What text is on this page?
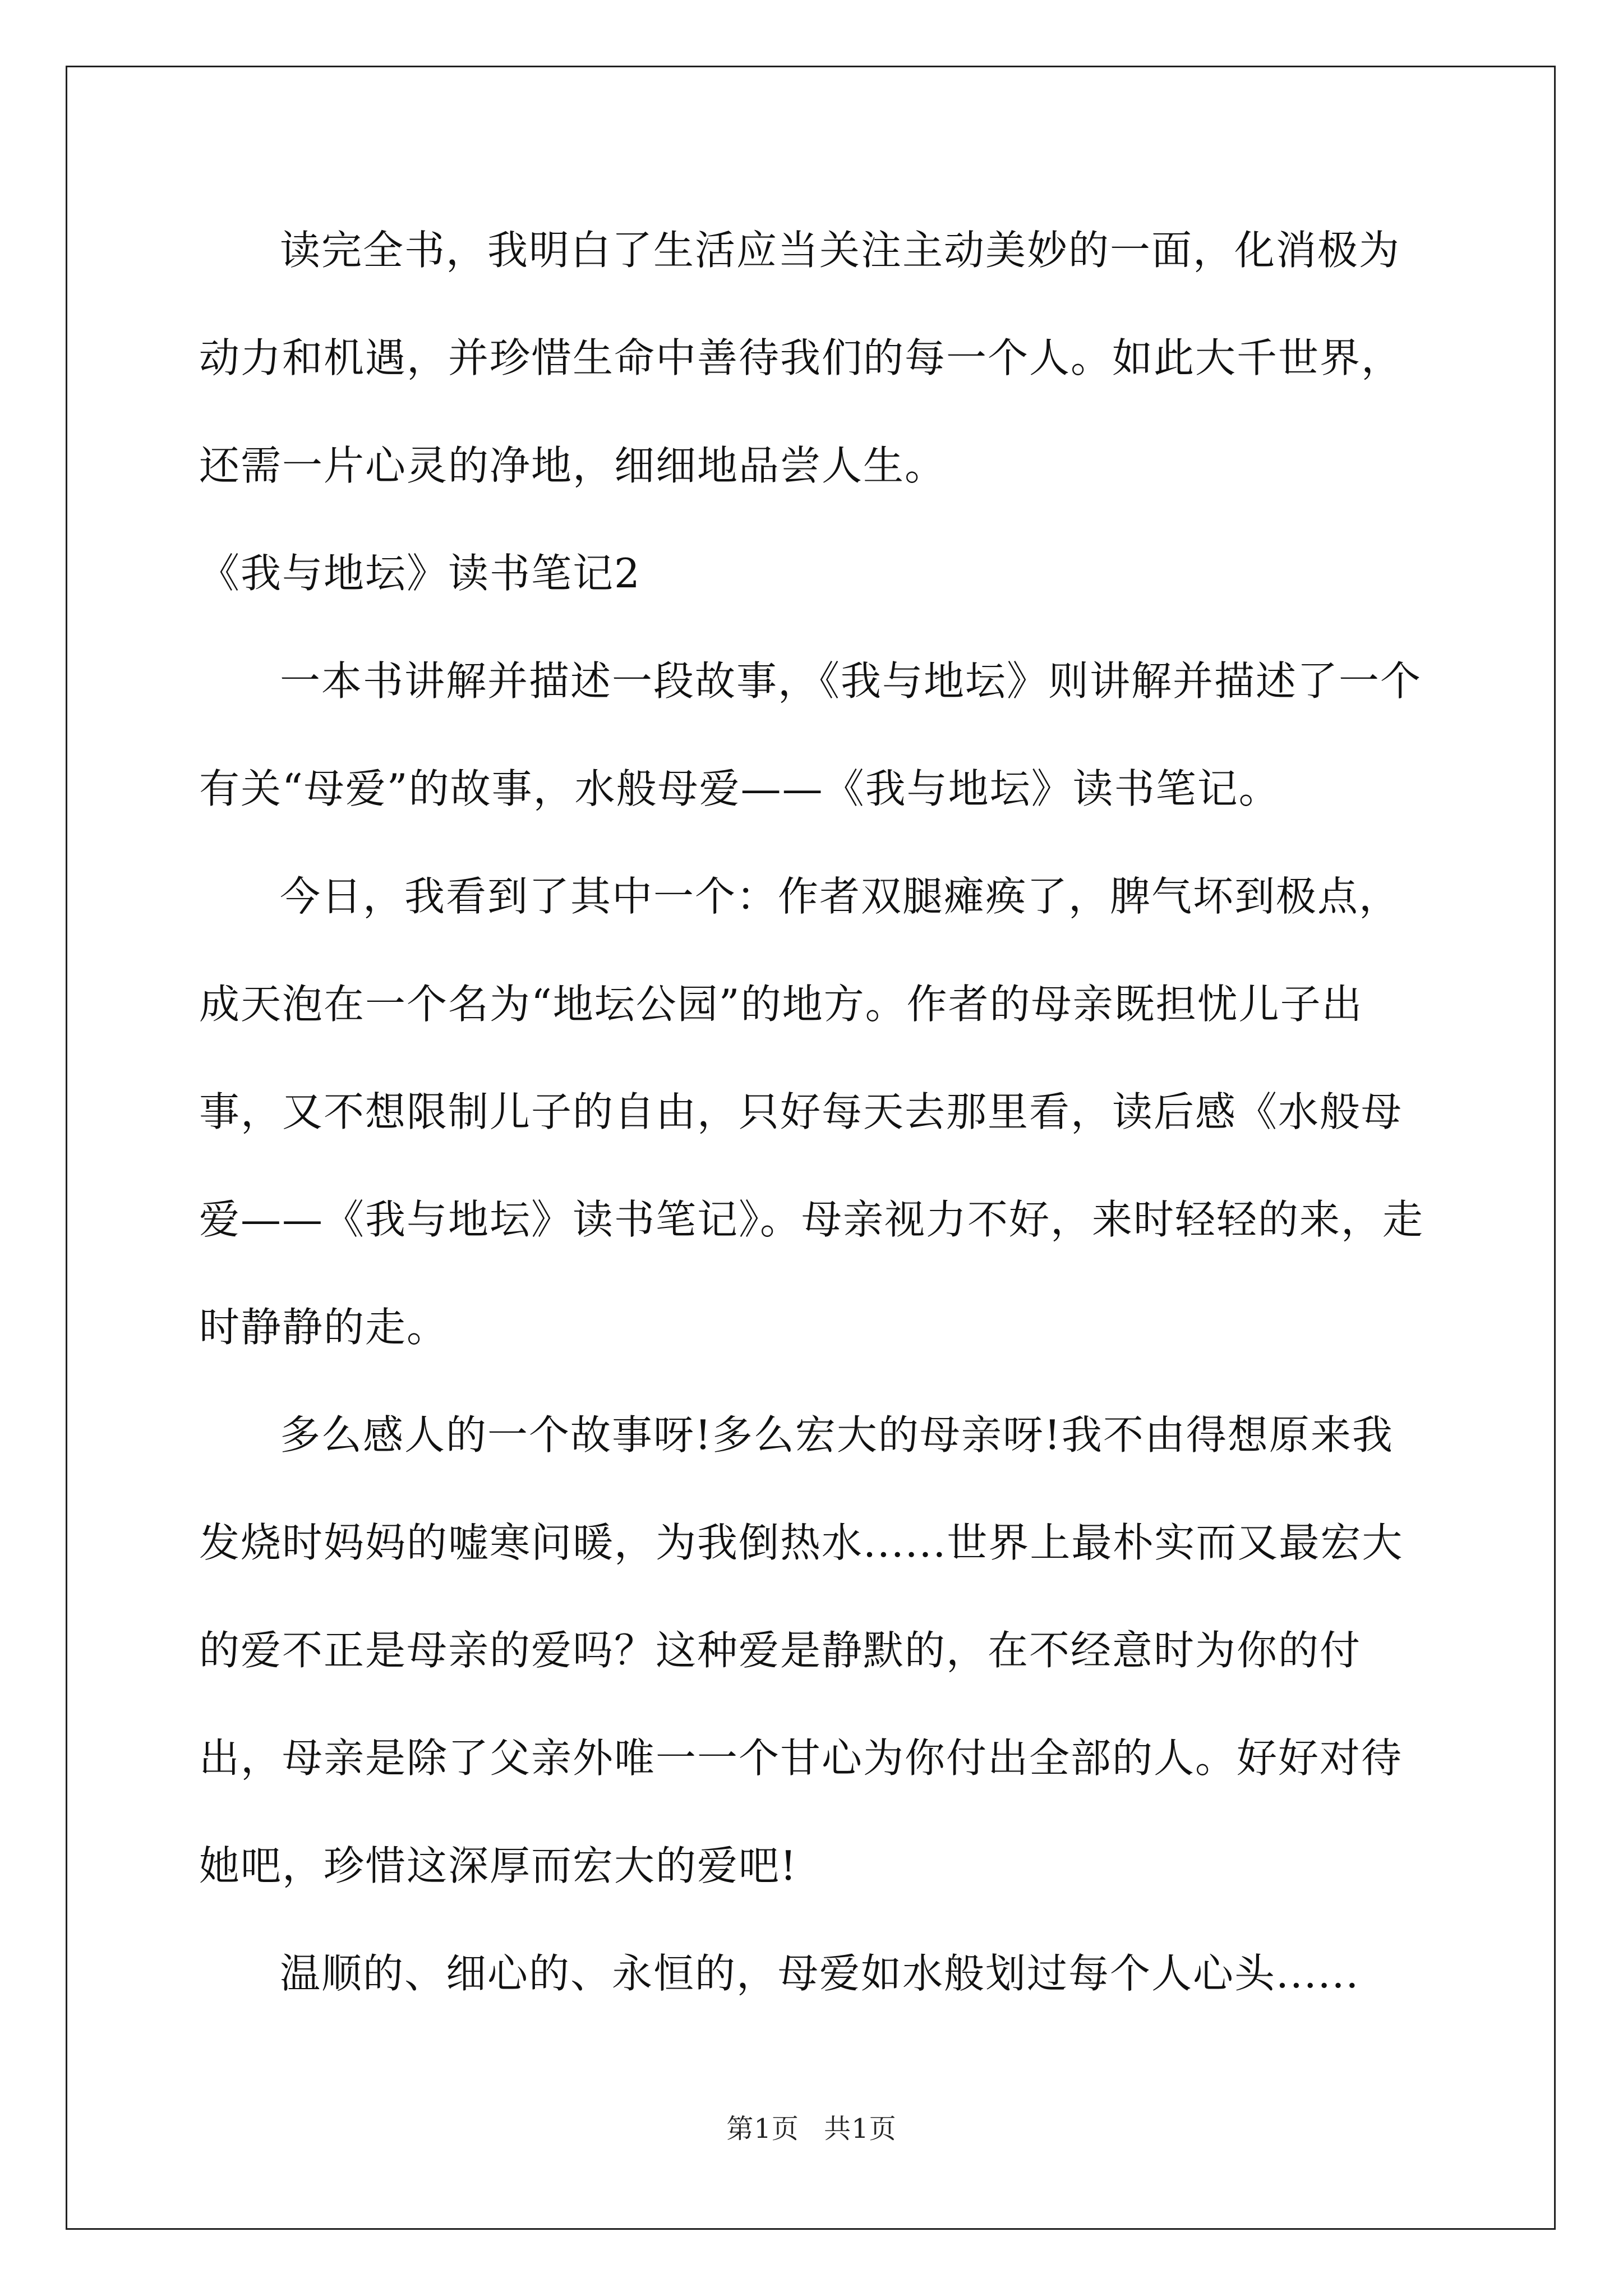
读完全书，我明白了生活应当关注主动美妙的一面，化消极为动力和机遇，并珍惜生命中善待我们的每一个人。如此大千世界，还需一片心灵的净地，细细地品尝人生。

《我与地坛》读书笔记2

一本书讲解并描述一段故事，《我与地坛》则讲解并描述了一个有关“母爱”的故事，水般母爱——《我与地坛》读书笔记。

今日，我看到了其中一个：作者双腿瘫痪了，脾气坏到极点，成天泡在一个名为“地坛公园”的地方。作者的母亲既担忧儿子出事，又不想限制儿子的自由，只好每天去那里看，读后感《水般母爱——《我与地坛》读书笔记》。母亲视力不好，来时轻轻的来，走时静静的走。

多么感人的一个故事呀!多么宏大的母亲呀!我不由得想原来我发烧时妈妈的嘘寒问暖，为我倒热水......世界上最朴实而又最宏大的爱不正是母亲的爱吗？这种爱是静默的，在不经意时为你的付出，母亲是除了父亲外唯一一个甘心为你付出全部的人。好好对待她吧，珍惜这深厚而宏大的爱吧!

温顺的、细心的、永恒的，母爱如水般划过每个人心头......

第1页 共1页
